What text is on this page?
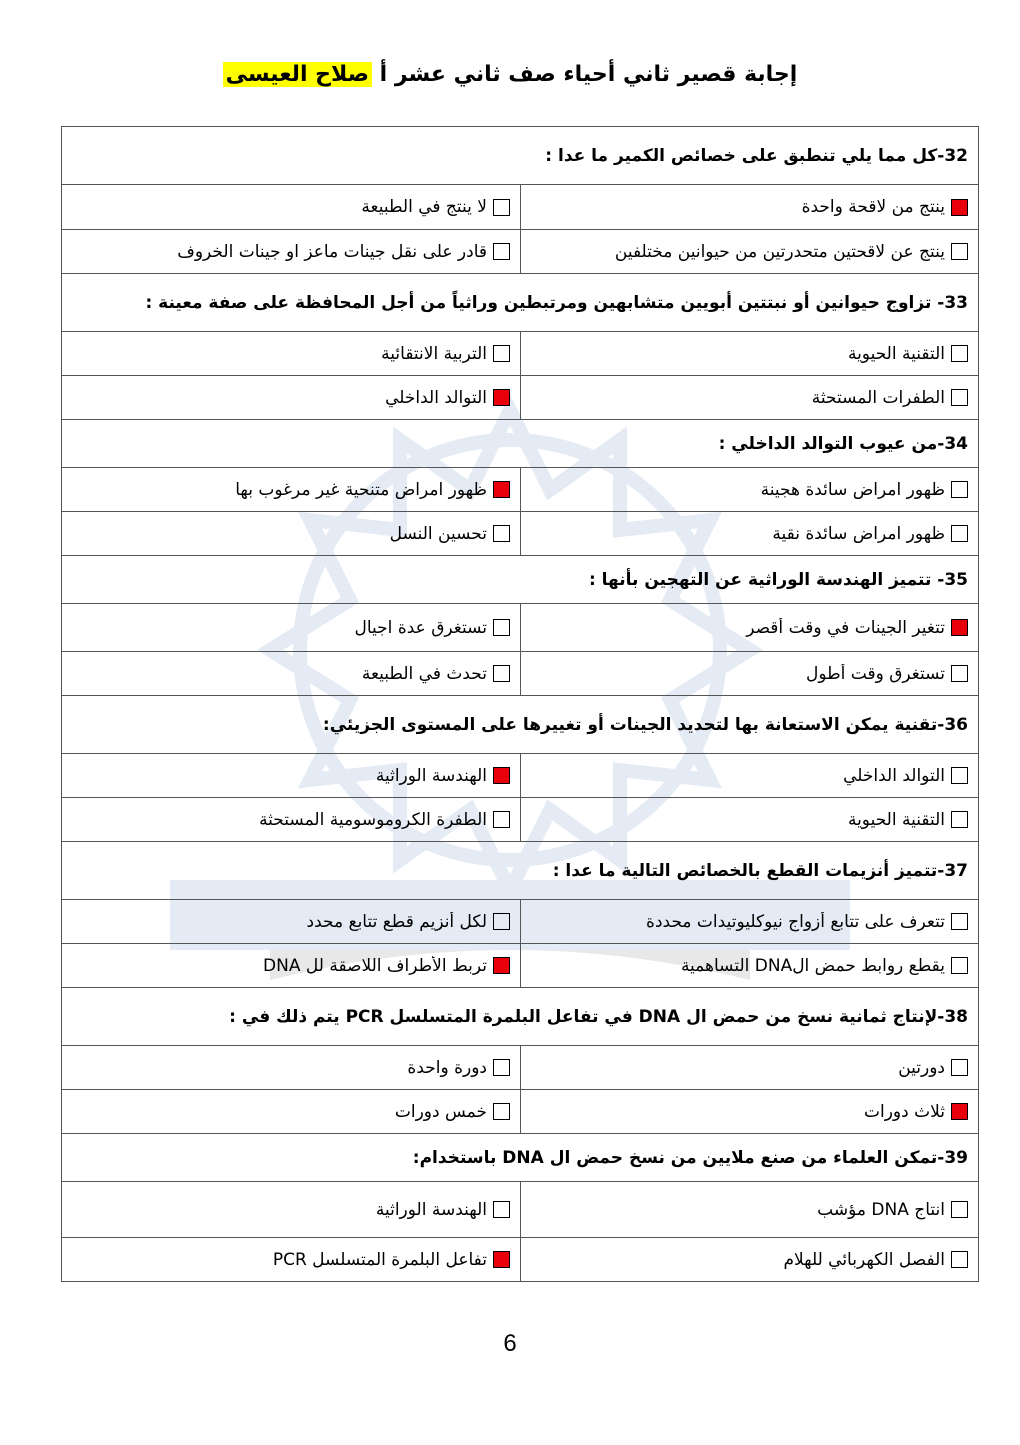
إجابة قصير ثاني أحياء صف ثاني عشر أ صلاح العيسى
32-كل مما يلي تنطبق على خصائص الكمير ما عدا :	

ينتج من لاقحة واحدة	لا ينتج في الطبيعة

ينتج عن لاقحتين متحدرتين من حيوانين مختلفين	قادر على نقل جينات ماعز او جينات الخروف

33- تزاوج حيوانين أو نبتتين أبويين متشابهين ومرتبطين وراثياً من أجل المحافظة على صفة معينة :	

التقنية الحيوية	التربية الانتقائية

الطفرات المستحثة	التوالد الداخلي

34-من عيوب التوالد الداخلي :	

ظهور امراض سائدة هجينة	ظهور امراض متنحية غير مرغوب بها

ظهور امراض سائدة نقية	تحسين النسل

35- تتميز الهندسة الوراثية عن التهجين بأنها :	

تتغير الجينات في وقت أقصر	تستغرق عدة اجيال

تستغرق وقت أطول	تحدث في الطبيعة

36-تقنية يمكن الاستعانة بها لتحديد الجينات أو تغييرها على المستوى الجزيئي:	

التوالد الداخلي	الهندسة الوراثية

التقنية الحيوية	الطفرة الكروموسومية المستحثة

37-تتميز أنزيمات القطع بالخصائص التالية ما عدا :	

تتعرف على تتابع أزواج نيوكليوتيدات محددة	لكل أنزيم قطع تتابع محدد

يقطع روابط حمض الDNA التساهمية	تربط الأطراف اللاصقة لل DNA

38-لإنتاج ثمانية نسخ من حمض ال DNA في تفاعل البلمرة المتسلسل PCR يتم ذلك في :	

دورتين	دورة واحدة

ثلاث دورات	خمس دورات

39-تمكن العلماء من صنع ملايين من نسخ حمض ال DNA باستخدام:	

انتاج DNA مؤشب	الهندسة الوراثية

الفصل الكهربائي للهلام	تفاعل البلمرة المتسلسل PCR
6
